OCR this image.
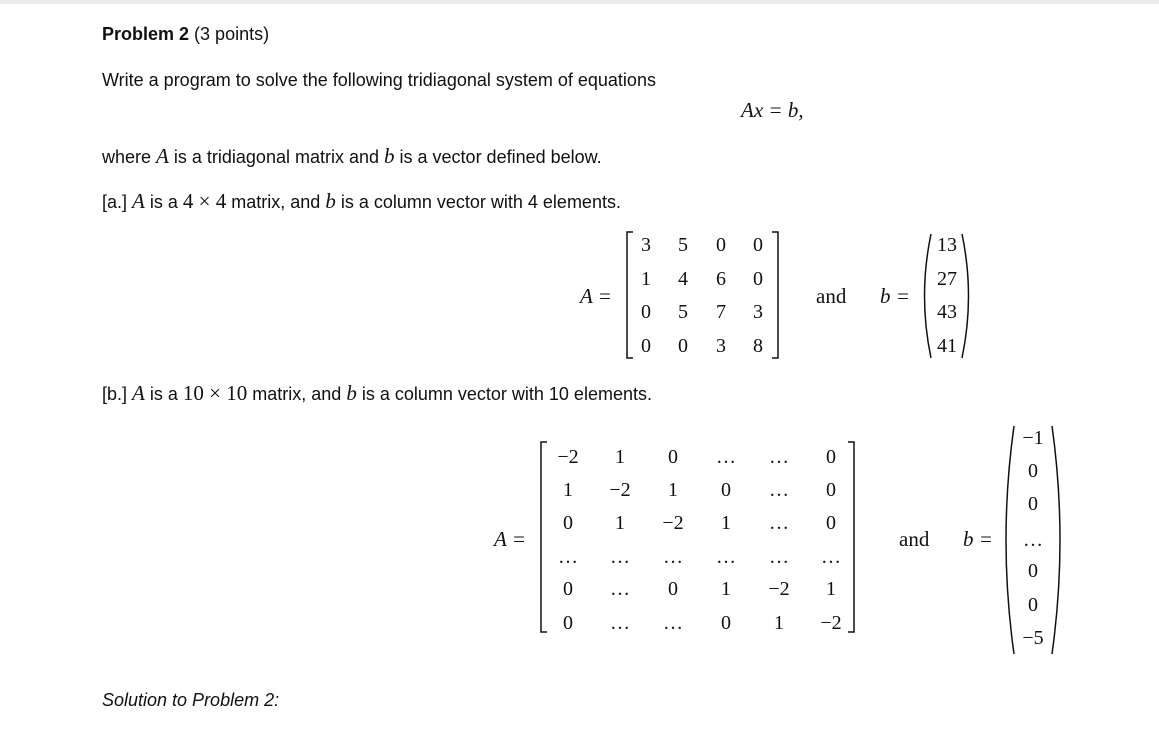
Problem 2 (3 points)
Write a program to solve the following tridiagonal system of equations
Ax = b,
where A is a tridiagonal matrix and b is a vector defined below.
[a.] A is a 4 × 4 matrix, and b is a column vector with 4 elements.
A =	and b =
3	5	0	0
1	4	6	0
0	5	7	3
0	0	3	8
13
27
43
41
[b.] A is a 10 × 10 matrix, and b is a column vector with 10 elements.
A =	and b =
−2	1	0	…	…	0
1	−2	1	0	…	0
0	1	−2	1	…	0
…	…	…	…	…	…
0	…	0	1	−2	1
0	…	…	0	1	−2
−1
0
0
…
0
0
−5
Solution to Problem 2:
